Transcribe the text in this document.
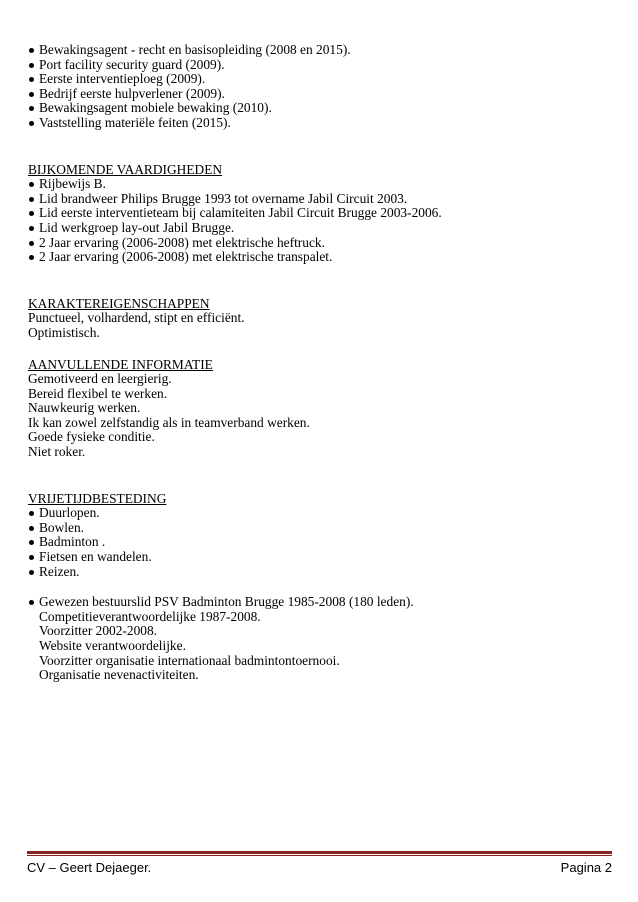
Bewakingsagent - recht en basisopleiding (2008 en 2015).
Port facility security guard (2009).
Eerste interventieploeg (2009).
Bedrijf eerste hulpverlener (2009).
Bewakingsagent mobiele bewaking (2010).
Vaststelling materiële feiten (2015).
BIJKOMENDE VAARDIGHEDEN
Rijbewijs B.
Lid brandweer Philips Brugge 1993 tot overname Jabil Circuit 2003.
Lid eerste interventieteam bij calamiteiten Jabil Circuit Brugge 2003-2006.
Lid werkgroep lay-out Jabil Brugge.
2 Jaar ervaring (2006-2008) met elektrische heftruck.
2 Jaar ervaring (2006-2008) met elektrische transpalet.
KARAKTEREIGENSCHAPPEN
Punctueel, volhardend, stipt en efficiënt.
Optimistisch.
AANVULLENDE INFORMATIE
Gemotiveerd en leergierig.
Bereid flexibel te werken.
Nauwkeurig werken.
Ik kan zowel zelfstandig als in teamverband werken.
Goede fysieke conditie.
Niet roker.
VRIJETIJDBESTEDING
Duurlopen.
Bowlen.
Badminton .
Fietsen en wandelen.
Reizen.
Gewezen bestuurslid PSV Badminton Brugge 1985-2008 (180 leden).
Competitieverantwoordelijke 1987-2008.
Voorzitter 2002-2008.
Website verantwoordelijke.
Voorzitter organisatie internationaal badmintontoernooi.
Organisatie nevenactiviteiten.
CV – Geert Dejaeger.	Pagina 2
